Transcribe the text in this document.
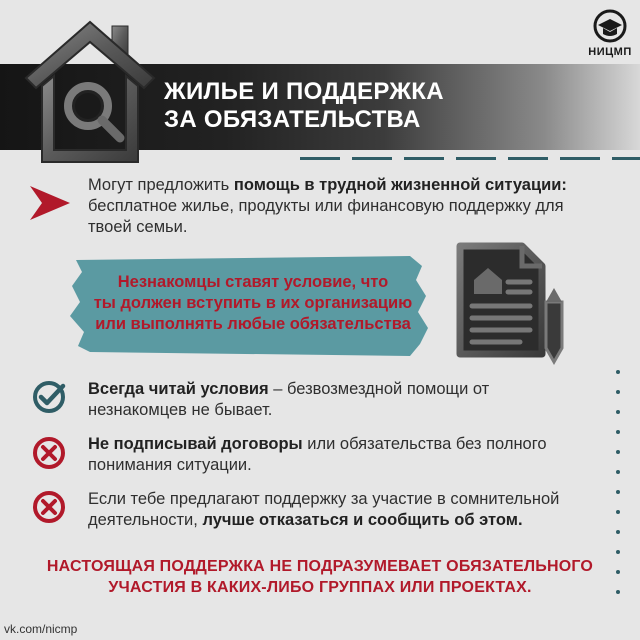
НИЦМП
ЖИЛЬЕ И ПОДДЕРЖКА
ЗА ОБЯЗАТЕЛЬСТВА
Могут предложить помощь в трудной жизненной ситуации: бесплатное жилье, продукты или финансовую поддержку для твоей семьи.
Незнакомцы ставят условие, что
ты должен вступить в их организацию
или выполнять любые обязательства
Всегда читай условия – безвозмездной помощи от незнакомцев не бывает.
Не подписывай договоры или обязательства без полного понимания ситуации.
Если тебе предлагают поддержку за участие в сомнительной деятельности, лучше отказаться и сообщить об этом.
НАСТОЯЩАЯ ПОДДЕРЖКА НЕ ПОДРАЗУМЕВАЕТ ОБЯЗАТЕЛЬНОГО
УЧАСТИЯ В КАКИХ-ЛИБО ГРУППАХ ИЛИ ПРОЕКТАХ.
vk.com/nicmp
